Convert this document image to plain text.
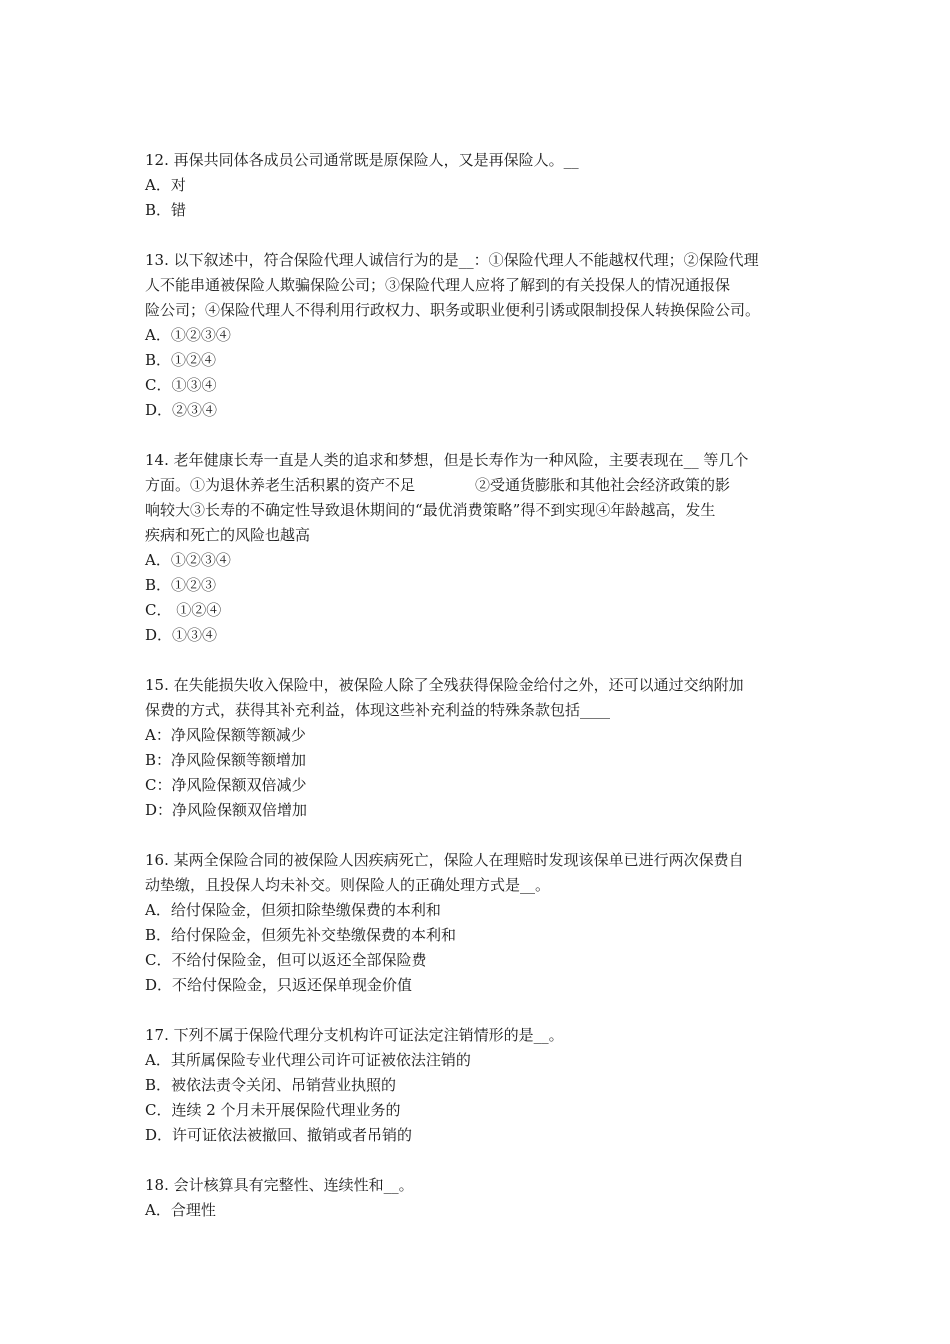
12. 再保共同体各成员公司通常既是原保险人，又是再保险人。__

A．对

B．错

13. 以下叙述中，符合保险代理人诚信行为的是__：①保险代理人不能越权代理；②保险代理
人不能串通被保险人欺骗保险公司；③保险代理人应将了解到的有关投保人的情况通报保
险公司；④保险代理人不得利用行政权力、职务或职业便利引诱或限制投保人转换保险公司。

A．①②③④

B．①②④

C．①③④

D．②③④

14. 老年健康长寿一直是人类的追求和梦想，但是长寿作为一种风险，主要表现在__ 等几个
方面。①为退休养老生活积累的资产不足　　　　②受通货膨胀和其他社会经济政策的影
响较大③长寿的不确定性导致退休期间的“最优消费策略”得不到实现④年龄越高，发生
疾病和死亡的风险也越高

A．①②③④

B．①②③

C． ①②④

D．①③④

15. 在失能损失收入保险中，被保险人除了全残获得保险金给付之外，还可以通过交纳附加
保费的方式，获得其补充利益，体现这些补充利益的特殊条款包括____

A：净风险保额等额减少

B：净风险保额等额增加

C：净风险保额双倍减少

D：净风险保额双倍增加

16. 某两全保险合同的被保险人因疾病死亡，保险人在理赔时发现该保单已进行两次保费自
动垫缴，且投保人均未补交。则保险人的正确处理方式是__。

A．给付保险金，但须扣除垫缴保费的本利和

B．给付保险金，但须先补交垫缴保费的本利和

C．不给付保险金，但可以返还全部保险费

D．不给付保险金，只返还保单现金价值

17. 下列不属于保险代理分支机构许可证法定注销情形的是__。

A．其所属保险专业代理公司许可证被依法注销的

B．被依法责令关闭、吊销营业执照的

C．连续 2 个月未开展保险代理业务的

D．许可证依法被撤回、撤销或者吊销的

18. 会计核算具有完整性、连续性和__。

A．合理性
